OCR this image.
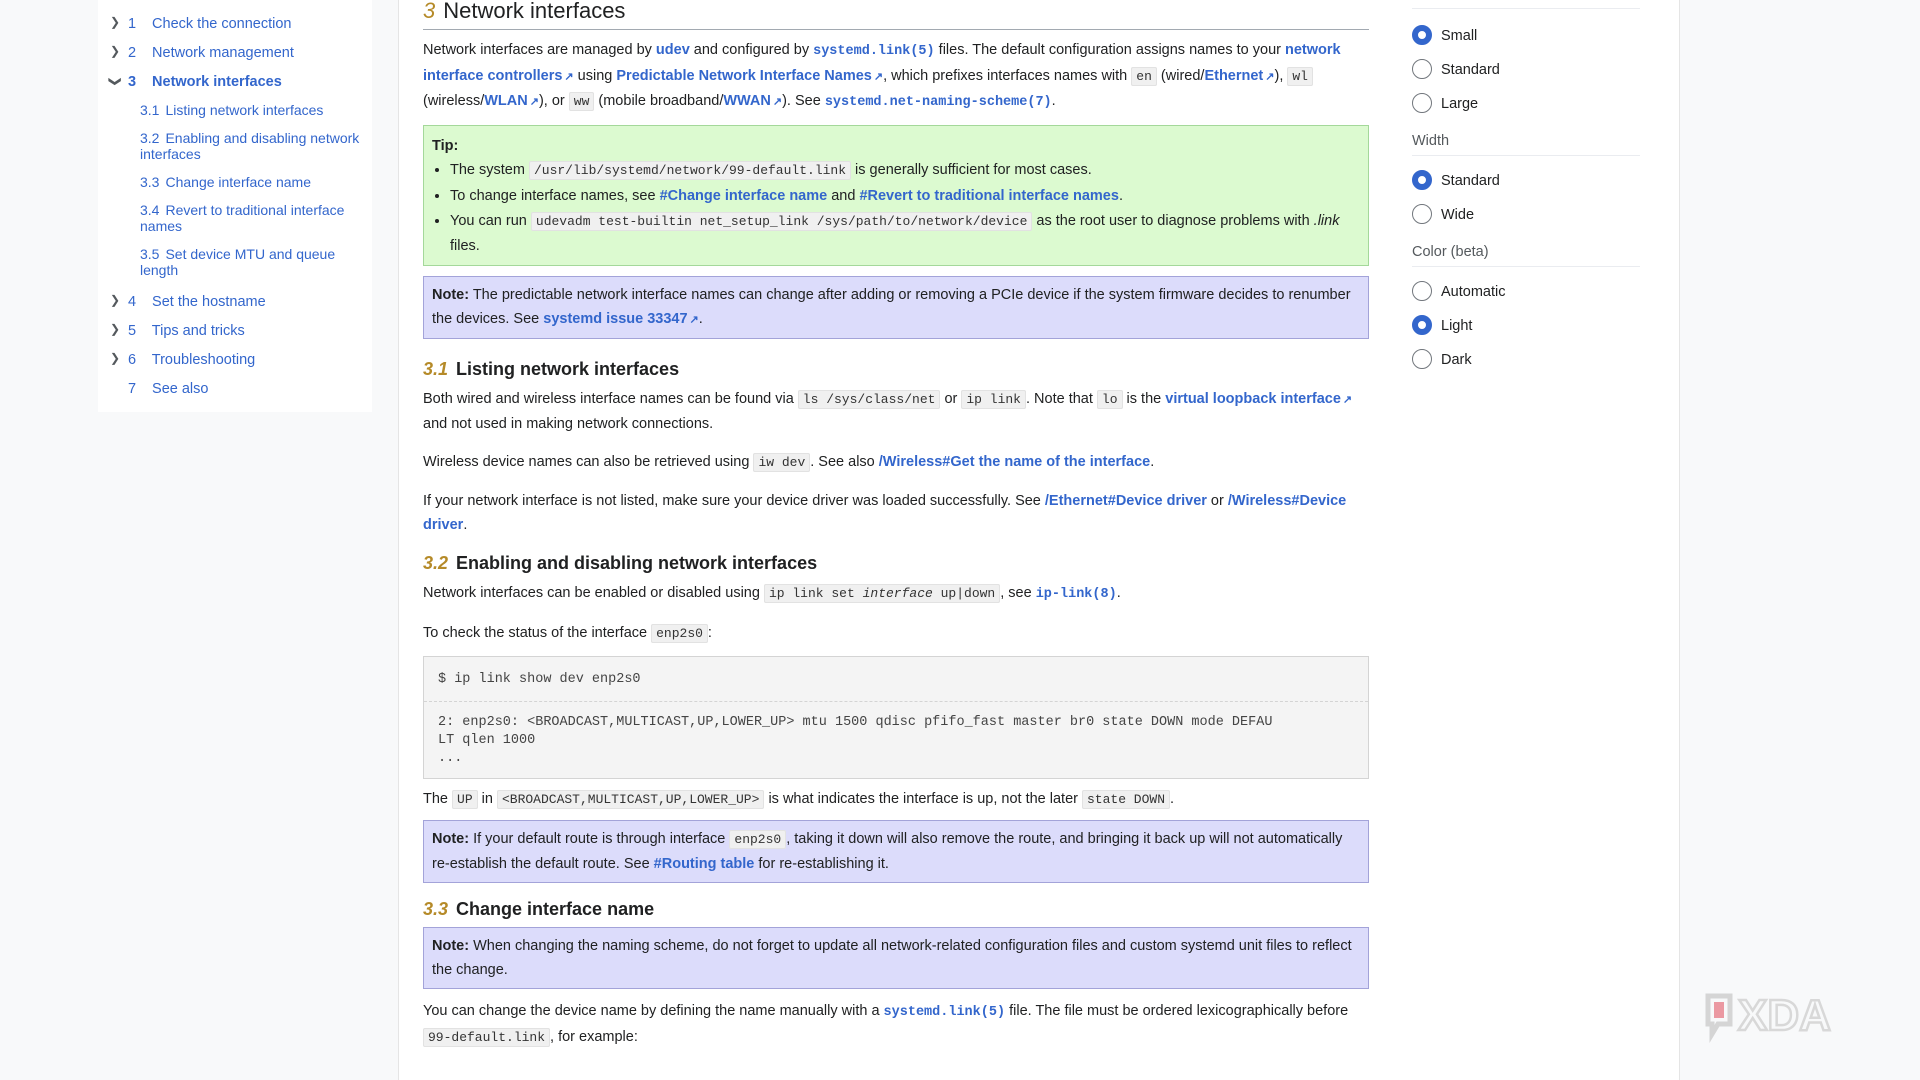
❯ 1 Check the connection
❯ 2 Network management
❯ 3 Network interfaces
3.1 Listing network interfaces
3.2 Enabling and disabling network interfaces
3.3 Change interface name
3.4 Revert to traditional interface names
3.5 Set device MTU and queue length
❯ 4 Set the hostname
❯ 5 Tips and tricks
❯ 6 Troubleshooting
7 See also
3 Network interfaces

Network interfaces are managed by udev and configured by systemd.link(5) files. The default configuration assigns names to your network interface controllers ↗ using Predictable Network Interface Names ↗ , which prefixes interfaces names with en (wired/Ethernet ↗ ), wl (wireless/WLAN ↗ ), or ww (mobile broadband/WWAN ↗ ). See systemd.net-naming-scheme(7).

Tip:
• The system /usr/lib/systemd/network/99-default.link is generally sufficient for most cases.
• To change interface names, see #Change interface name and #Revert to traditional interface names.
• You can run udevadm test-builtin net_setup_link /sys/path/to/network/device as the root user to diagnose problems with .link files.
Note: The predictable network interface names can change after adding or removing a PCIe device if the system firmware decides to renumber the devices. See systemd issue 33347 ↗ .
3.1 Listing network interfaces

Both wired and wireless interface names can be found via ls /sys/class/net or ip link . Note that lo is the virtual loopback interface ↗ and not used in making network connections.

Wireless device names can also be retrieved using iw dev . See also /Wireless#Get the name of the interface.

If your network interface is not listed, make sure your device driver was loaded successfully. See /Ethernet#Device driver or /Wireless#Device driver.

3.2 Enabling and disabling network interfaces

Network interfaces can be enabled or disabled using ip link set interface up|down , see ip-link(8).

To check the status of the interface enp2s0 :

$ ip link show dev enp2s0
2: enp2s0: <BROADCAST,MULTICAST,UP,LOWER_UP> mtu 1500 qdisc pfifo_fast master br0 state DOWN mode DEFAU
LT qlen 1000
...

The UP in <BROADCAST,MULTICAST,UP,LOWER_UP> is what indicates the interface is up, not the later state DOWN .

Note: If your default route is through interface enp2s0 , taking it down will also remove the route, and bringing it back up will not automatically re-establish the default route. See #Routing table for re-establishing it.
3.3 Change interface name
Note: When changing the naming scheme, do not forget to update all network-related configuration files and custom systemd unit files to reflect the change.

You can change the device name by defining the name manually with a systemd.link(5) file. The file must be ordered lexicographically before
99-default.link , for example:

Small
Standard
Large
Width
Standard
Wide
Color (beta)
Automatic
Light
Dark
XDA
